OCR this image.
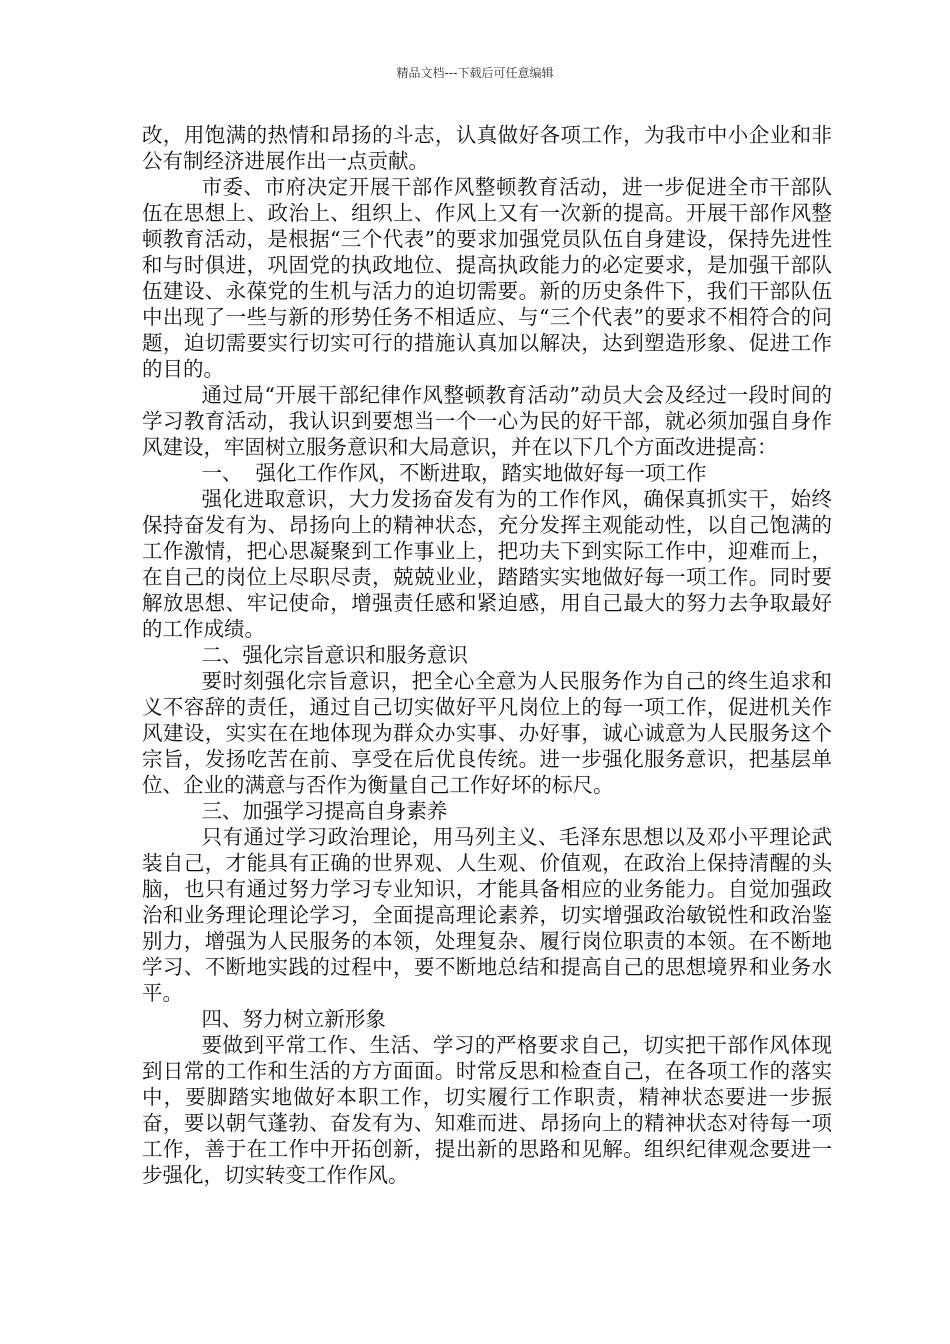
精品文档---下载后可任意编辑

改，用饱满的热情和昂扬的斗志，认真做好各项工作，为我市中小企业和非公有制经济进展作出一点贡献。

市委、市府决定开展干部作风整顿教育活动，进一步促进全市干部队伍在思想上、政治上、组织上、作风上又有一次新的提高。开展干部作风整顿教育活动，是根据“三个代表”的要求加强党员队伍自身建设，保持先进性和与时俱进，巩固党的执政地位、提高执政能力的必定要求，是加强干部队伍建设、永葆党的生机与活力的迫切需要。新的历史条件下，我们干部队伍中出现了一些与新的形势任务不相适应、与“三个代表”的要求不相符合的问题，迫切需要实行切实可行的措施认真加以解决，达到塑造形象、促进工作的目的。

通过局“开展干部纪律作风整顿教育活动”动员大会及经过一段时间的学习教育活动，我认识到要想当一个一心为民的好干部，就必须加强自身作风建设，牢固树立服务意识和大局意识，并在以下几个方面改进提高：

一、  强化工作作风，不断进取，踏实地做好每一项工作

强化进取意识，大力发扬奋发有为的工作作风，确保真抓实干，始终保持奋发有为、昂扬向上的精神状态，充分发挥主观能动性，以自己饱满的工作激情，把心思凝聚到工作事业上，把功夫下到实际工作中，迎难而上，在自己的岗位上尽职尽责，兢兢业业，踏踏实实地做好每一项工作。同时要解放思想、牢记使命，增强责任感和紧迫感，用自己最大的努力去争取最好的工作成绩。

二、强化宗旨意识和服务意识

要时刻强化宗旨意识，把全心全意为人民服务作为自己的终生追求和义不容辞的责任，通过自己切实做好平凡岗位上的每一项工作，促进机关作风建设，实实在在地体现为群众办实事、办好事，诚心诚意为人民服务这个宗旨，发扬吃苦在前、享受在后优良传统。进一步强化服务意识，把基层单位、企业的满意与否作为衡量自己工作好坏的标尺。

三、加强学习提高自身素养

只有通过学习政治理论，用马列主义、毛泽东思想以及邓小平理论武装自己，才能具有正确的世界观、人生观、价值观，在政治上保持清醒的头脑，也只有通过努力学习专业知识，才能具备相应的业务能力。自觉加强政治和业务理论理论学习，全面提高理论素养，切实增强政治敏锐性和政治鉴别力，增强为人民服务的本领，处理复杂、履行岗位职责的本领。在不断地学习、不断地实践的过程中，要不断地总结和提高自己的思想境界和业务水平。

四、努力树立新形象

要做到平常工作、生活、学习的严格要求自己，切实把干部作风体现到日常的工作和生活的方方面面。时常反思和检查自己，在各项工作的落实中，要脚踏实地做好本职工作，切实履行工作职责，精神状态要进一步振奋，要以朝气蓬勃、奋发有为、知难而进、昂扬向上的精神状态对待每一项工作，善于在工作中开拓创新，提出新的思路和见解。组织纪律观念要进一步强化，切实转变工作作风。
